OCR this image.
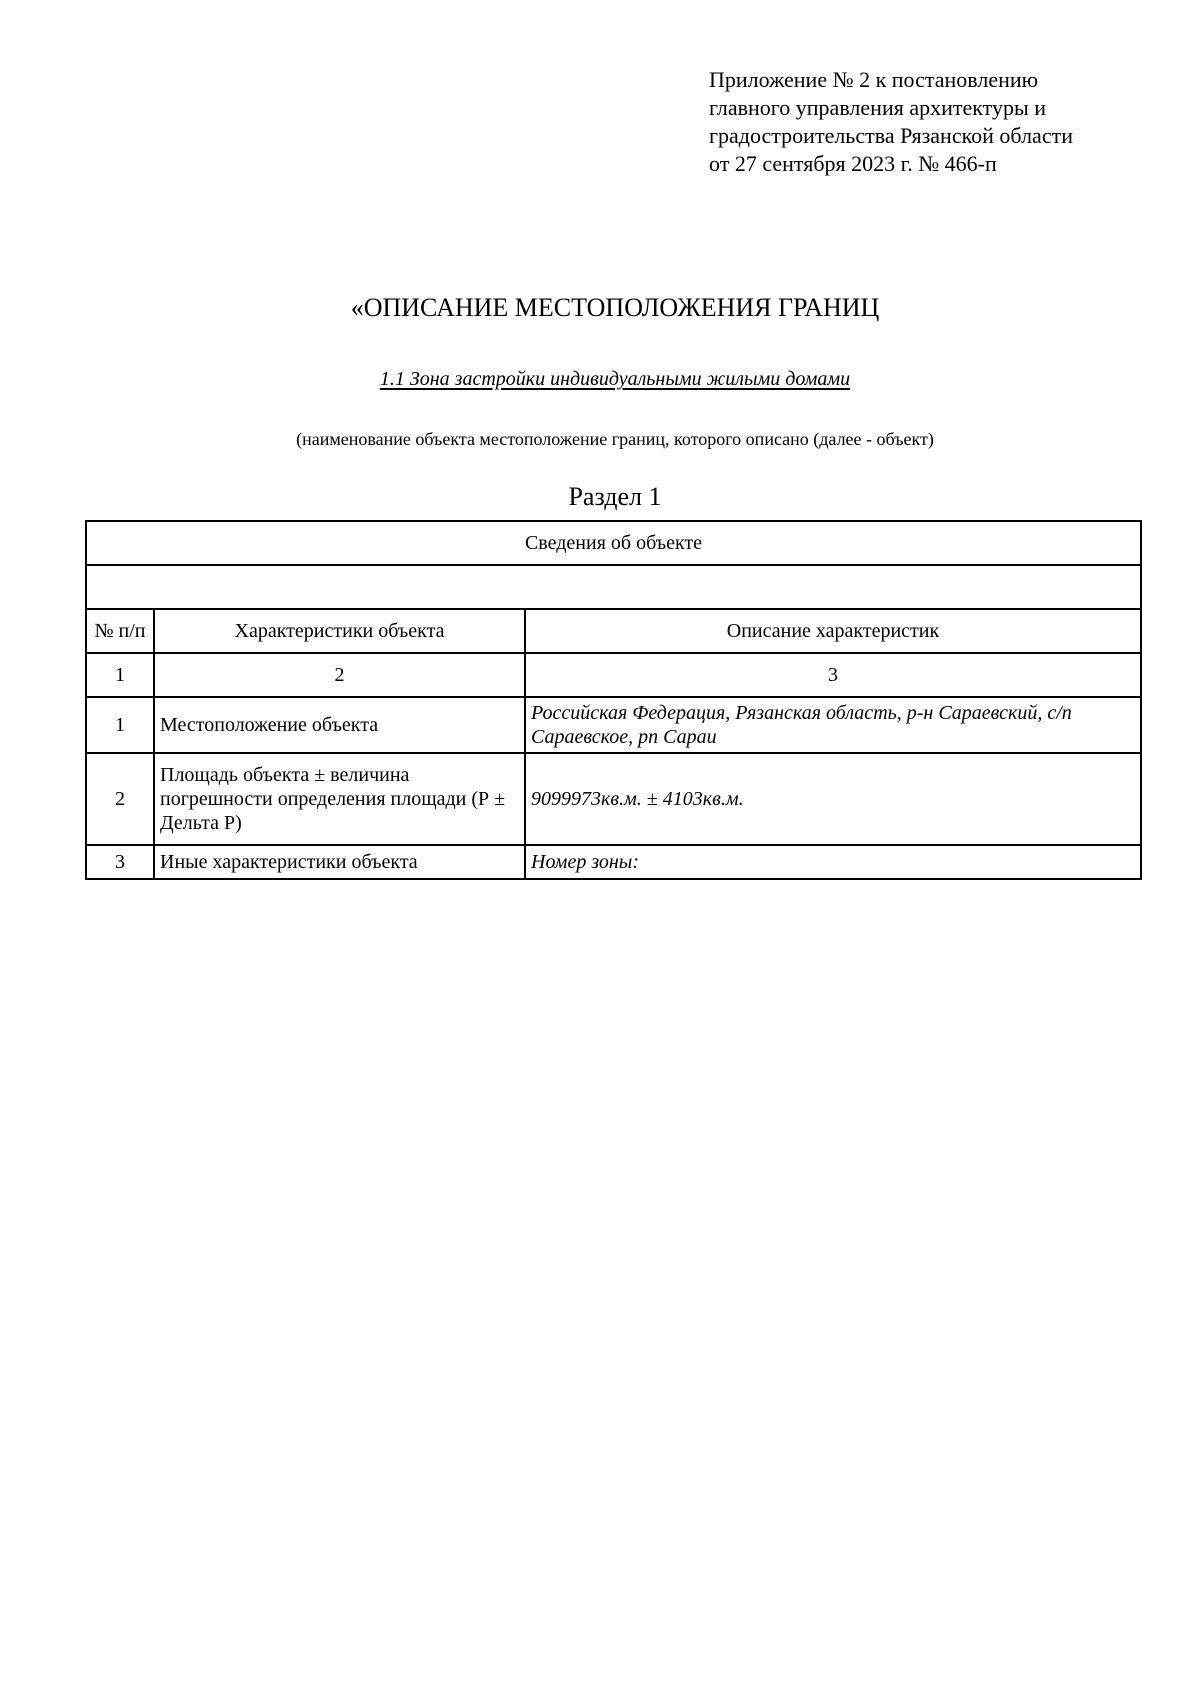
Приложение № 2 к постановлению
главного управления архитектуры и
градостроительства Рязанской области
от 27 сентября 2023 г. № 466-п
«ОПИСАНИЕ МЕСТОПОЛОЖЕНИЯ ГРАНИЦ
1.1 Зона застройки индивидуальными жилыми домами
(наименование объекта местоположение границ, которого описано (далее - объект)
Раздел 1
Сведения об объекте		

№ п/п	Характеристики объекта	Описание характеристик
1	2	3
1	Местоположение объекта	Российская Федерация, Рязанская область, р-н Сараевский, с/п Сараевское, рп Сараи
2	Площадь объекта ± величина погрешности определения площади (Р ± Дельта Р)	9099973кв.м. ± 4103кв.м.
3	Иные характеристики объекта	Номер зоны:
